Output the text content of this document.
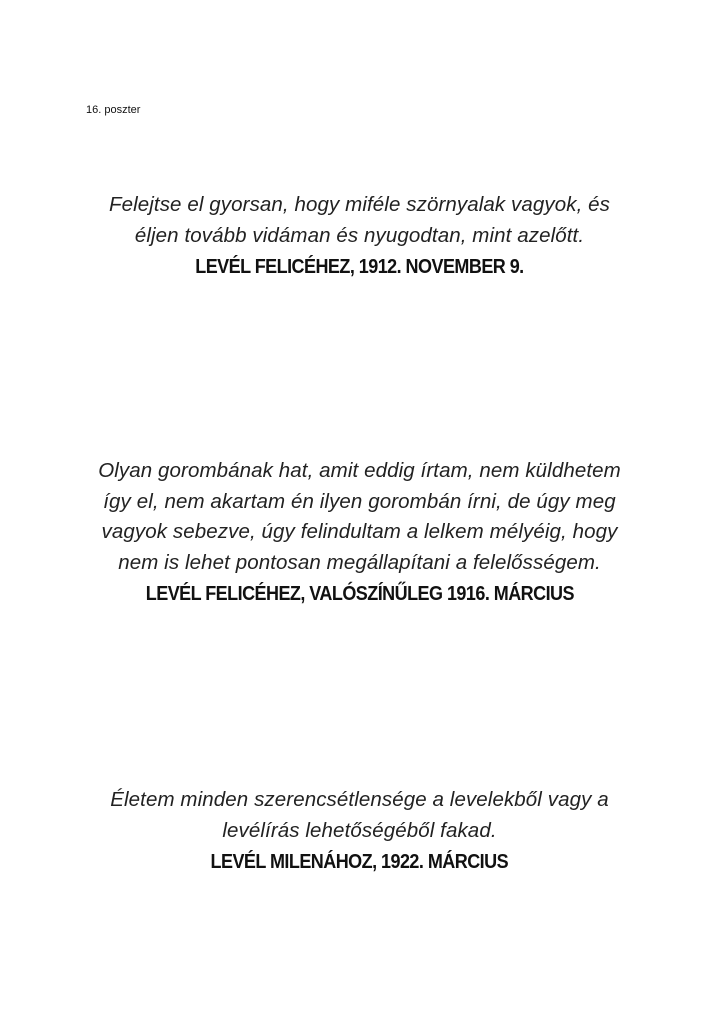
16. poszter
Felejtse el gyorsan, hogy miféle szörnyalak vagyok, és
éljen tovább vidáman és nyugodtan, mint azelőtt.
LEVÉL FELICÉHEZ, 1912. NOVEMBER 9.
Olyan gorombának hat, amit eddig írtam, nem küldhetem
így el, nem akartam én ilyen gorombán írni, de úgy meg
vagyok sebezve, úgy felindultam a lelkem mélyéig, hogy
nem is lehet pontosan megállapítani a felelősségem.
LEVÉL FELICÉHEZ, VALÓSZÍNŰLEG 1916. MÁRCIUS
Életem minden szerencsétlensége a levelekből vagy a
levélírás lehetőségéből fakad.
LEVÉL MILENÁHOZ, 1922. MÁRCIUS
